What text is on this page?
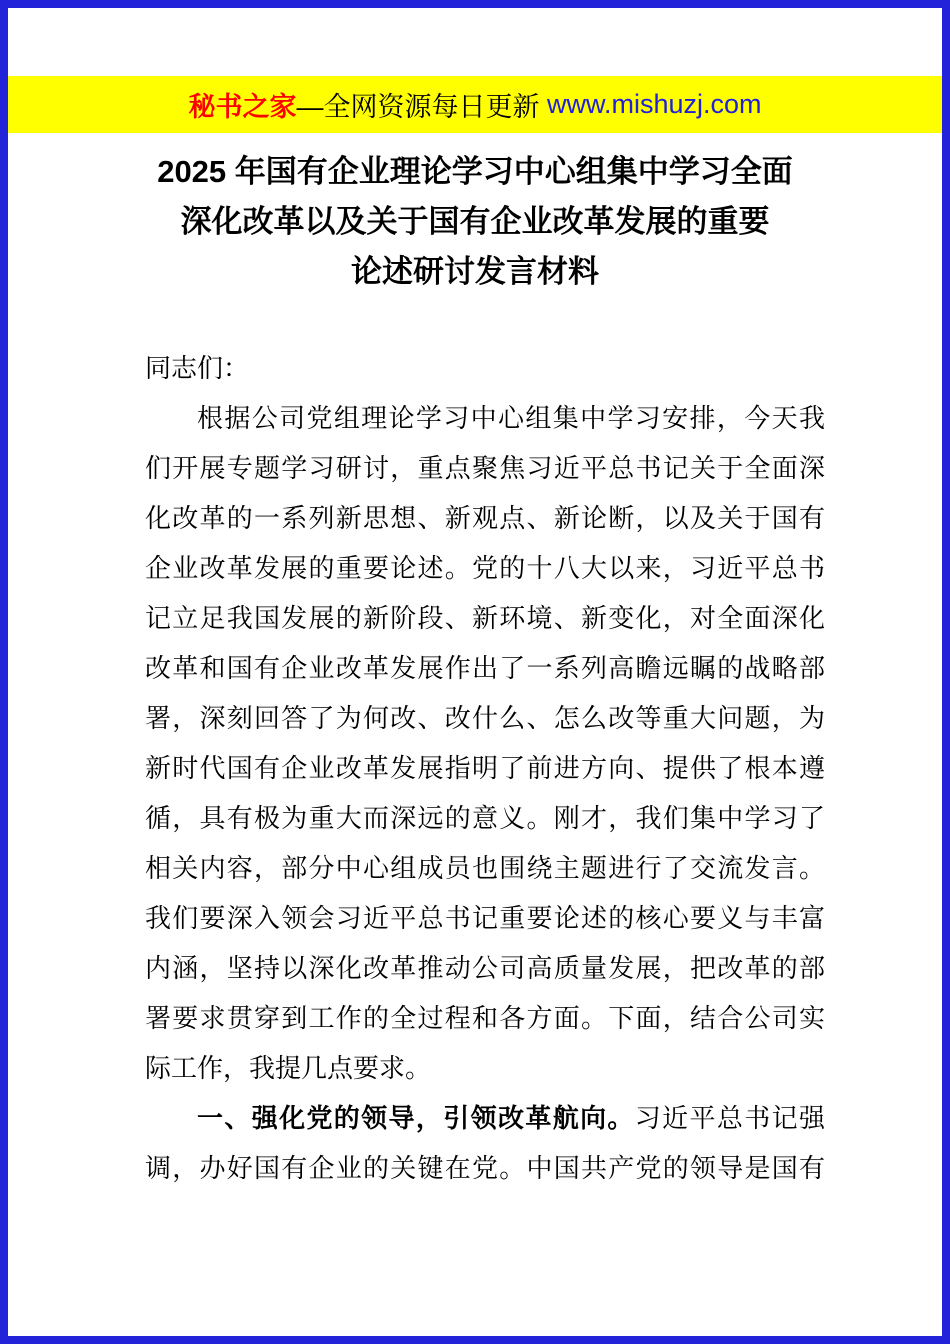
秘书之家 —全网资源每日更新 www.mishuzj.com
2025 年国有企业理论学习中心组集中学习全面
深化改革以及关于国有企业改革发展的重要
论述研讨发言材料
同志们：
根据公司党组理论学习中心组集中学习安排，今天我
们开展专题学习研讨，重点聚焦习近平总书记关于全面深
化改革的一系列新思想、新观点、新论断，以及关于国有
企业改革发展的重要论述。党的十八大以来，习近平总书
记立足我国发展的新阶段、新环境、新变化，对全面深化
改革和国有企业改革发展作出了一系列高瞻远瞩的战略部
署，深刻回答了为何改、改什么、怎么改等重大问题，为
新时代国有企业改革发展指明了前进方向、提供了根本遵
循，具有极为重大而深远的意义。刚才，我们集中学习了
相关内容，部分中心组成员也围绕主题进行了交流发言。
我们要深入领会习近平总书记重要论述的核心要义与丰富
内涵，坚持以深化改革推动公司高质量发展，把改革的部
署要求贯穿到工作的全过程和各方面。下面，结合公司实
际工作，我提几点要求。
一、强化党的领导，引领改革航向。习近平总书记强
调，办好国有企业的关键在党。中国共产党的领导是国有
